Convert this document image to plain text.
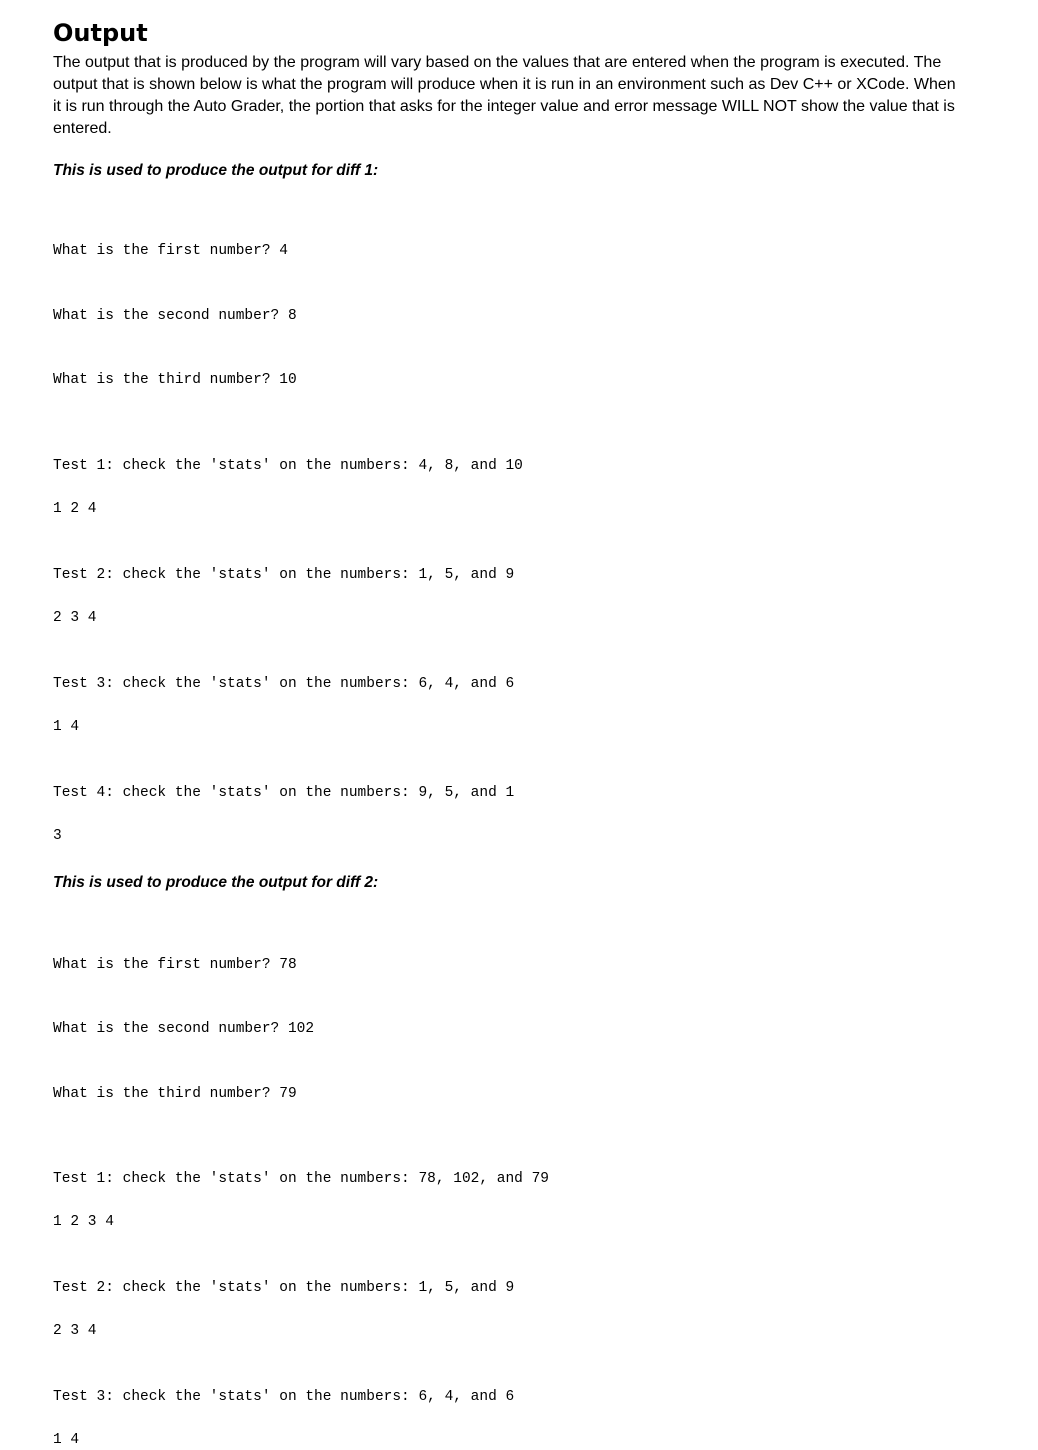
Output

The output that is produced by the program will vary based on the values that are entered when the program is executed. The output that is shown below is what the program will produce when it is run in an environment such as Dev C++ or XCode. When it is run through the Auto Grader, the portion that asks for the integer value and error message WILL NOT show the value that is entered.

This is used to produce the output for diff 1:

What is the first number? 4

What is the second number? 8

What is the third number? 10

Test 1: check the 'stats' on the numbers: 4, 8, and 10
1 2 4
Test 2: check the 'stats' on the numbers: 1, 5, and 9
2 3 4
Test 3: check the 'stats' on the numbers: 6, 4, and 6
1 4
Test 4: check the 'stats' on the numbers: 9, 5, and 1
3
This is used to produce the output for diff 2:

What is the first number? 78

What is the second number? 102

What is the third number? 79

Test 1: check the 'stats' on the numbers: 78, 102, and 79
1 2 3 4
Test 2: check the 'stats' on the numbers: 1, 5, and 9
2 3 4
Test 3: check the 'stats' on the numbers: 6, 4, and 6
1 4
